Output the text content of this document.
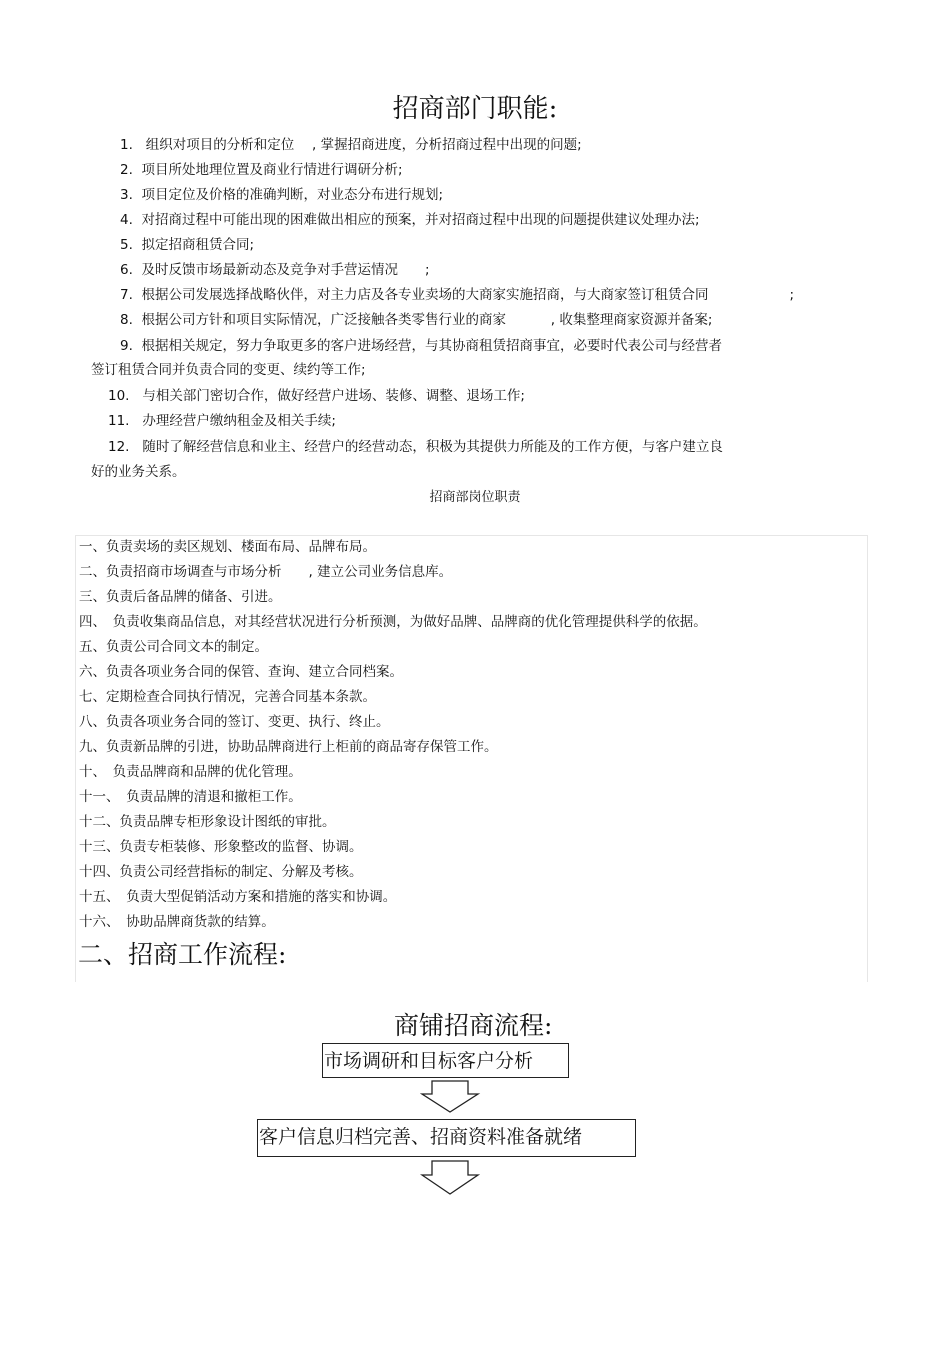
招商部门职能:
1. 组织对项目的分析和定位　 , 掌握招商进度，分析招商过程中出现的问题;
2. 项目所处地理位置及商业行情进行调研分析;
3. 项目定位及价格的准确判断，对业态分布进行规划;
4. 对招商过程中可能出现的困难做出相应的预案，并对招商过程中出现的问题提供建议处理办法;
5. 拟定招商租赁合同;
6. 及时反馈市场最新动态及竞争对手营运情况　　;
7. 根据公司发展选择战略伙伴，对主力店及各专业卖场的大商家实施招商，与大商家签订租赁合同　　　　　　;
8. 根据公司方针和项目实际情况，广泛接触各类零售行业的商家　　　 , 收集整理商家资源并备案;
9. 根据相关规定，努力争取更多的客户进场经营，与其协商租赁招商事宜，必要时代表公司与经营者
签订租赁合同并负责合同的变更、续约等工作;
10. 与相关部门密切合作，做好经营户进场、装修、调整、退场工作;
11. 办理经营户缴纳租金及相关手续;
12. 随时了解经营信息和业主、经营户的经营动态，积极为其提供力所能及的工作方便，与客户建立良
好的业务关系。
招商部岗位职责
一、负责卖场的卖区规划、楼面布局、品牌布局。
二、负责招商市场调查与市场分析　　, 建立公司业务信息库。
三、负责后备品牌的储备、引进。
四、　负责收集商品信息，对其经营状况进行分析预测，为做好品牌、品牌商的优化管理提供科学的依据。
五、负责公司合同文本的制定。
六、负责各项业务合同的保管、查询、建立合同档案。
七、定期检查合同执行情况，完善合同基本条款。
八、负责各项业务合同的签订、变更、执行、终止。
九、负责新品牌的引进，协助品牌商进行上柜前的商品寄存保管工作。
十、　负责品牌商和品牌的优化管理。
十一、　负责品牌的清退和撤柜工作。
十二、负责品牌专柜形象设计图纸的审批。
十三、负责专柜装修、形象整改的监督、协调。
十四、负责公司经营指标的制定、分解及考核。
十五、　负责大型促销活动方案和措施的落实和协调。
十六、　协助品牌商货款的结算。
二、招商工作流程:
商铺招商流程:
市场调研和目标客户分析
客户信息归档完善、招商资料准备就绪
